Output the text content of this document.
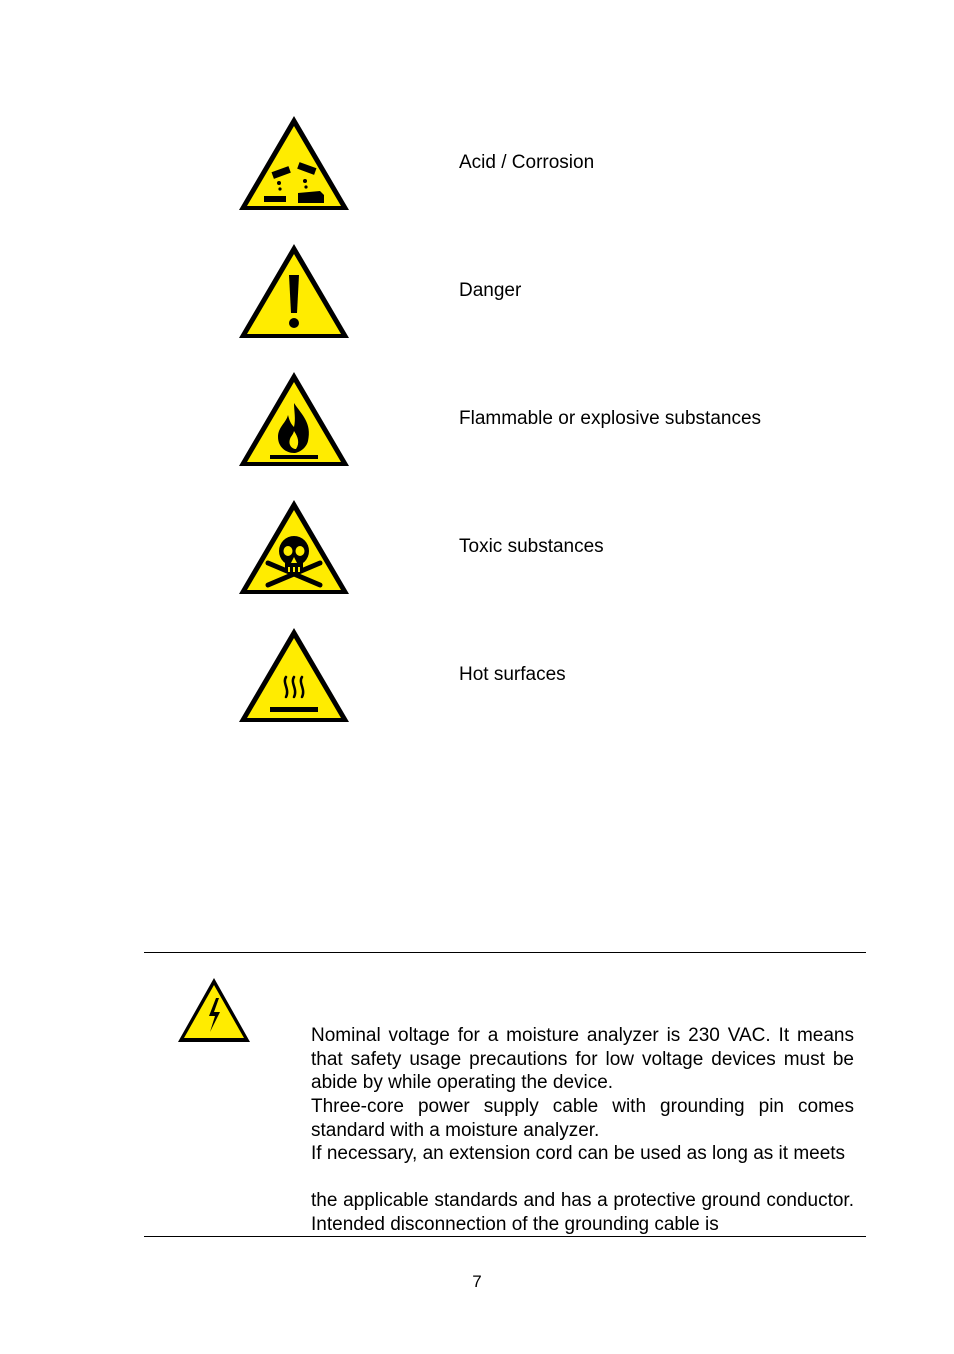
Acid / Corrosion
Danger
Flammable or explosive substances
Toxic substances
Hot surfaces

Nominal voltage for a moisture analyzer is 230 VAC. It means that safety usage precautions for low voltage devices must be abide by while operating the device.

Three-core power supply cable with grounding pin comes standard with a moisture analyzer.

If necessary, an extension cord can be used as long as it meets

the applicable standards and has a protective ground conductor. Intended disconnection of the grounding cable is

7
